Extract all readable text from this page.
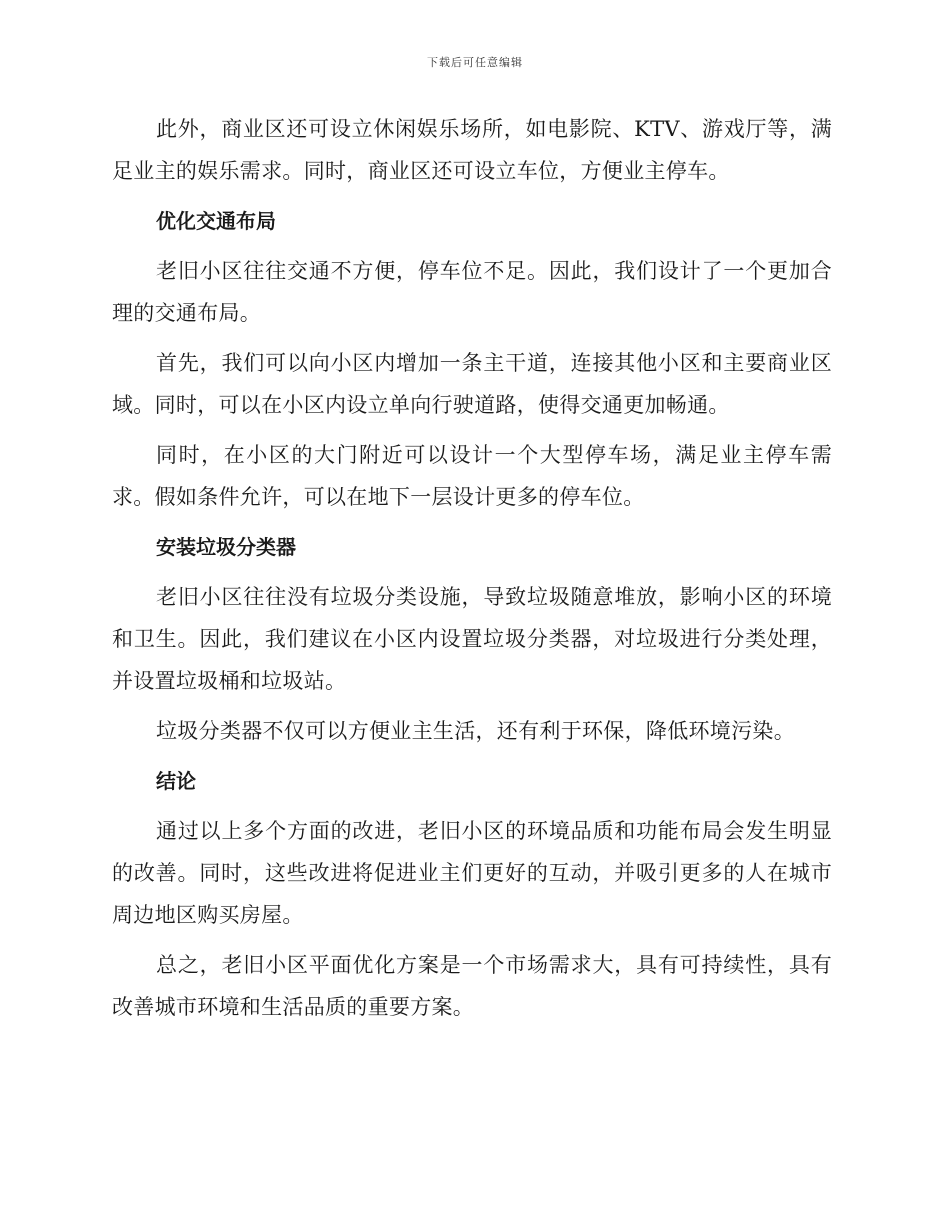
下载后可任意编辑

此外，商业区还可设立休闲娱乐场所，如电影院、KTV、游戏厅等，满足业主的娱乐需求。同时，商业区还可设立车位，方便业主停车。

优化交通布局

老旧小区往往交通不方便，停车位不足。因此，我们设计了一个更加合理的交通布局。

首先，我们可以向小区内增加一条主干道，连接其他小区和主要商业区域。同时，可以在小区内设立单向行驶道路，使得交通更加畅通。

同时，在小区的大门附近可以设计一个大型停车场，满足业主停车需求。假如条件允许，可以在地下一层设计更多的停车位。

安装垃圾分类器

老旧小区往往没有垃圾分类设施，导致垃圾随意堆放，影响小区的环境和卫生。因此，我们建议在小区内设置垃圾分类器，对垃圾进行分类处理，并设置垃圾桶和垃圾站。

垃圾分类器不仅可以方便业主生活，还有利于环保，降低环境污染。

结论

通过以上多个方面的改进，老旧小区的环境品质和功能布局会发生明显的改善。同时，这些改进将促进业主们更好的互动，并吸引更多的人在城市周边地区购买房屋。

总之，老旧小区平面优化方案是一个市场需求大，具有可持续性，具有改善城市环境和生活品质的重要方案。
